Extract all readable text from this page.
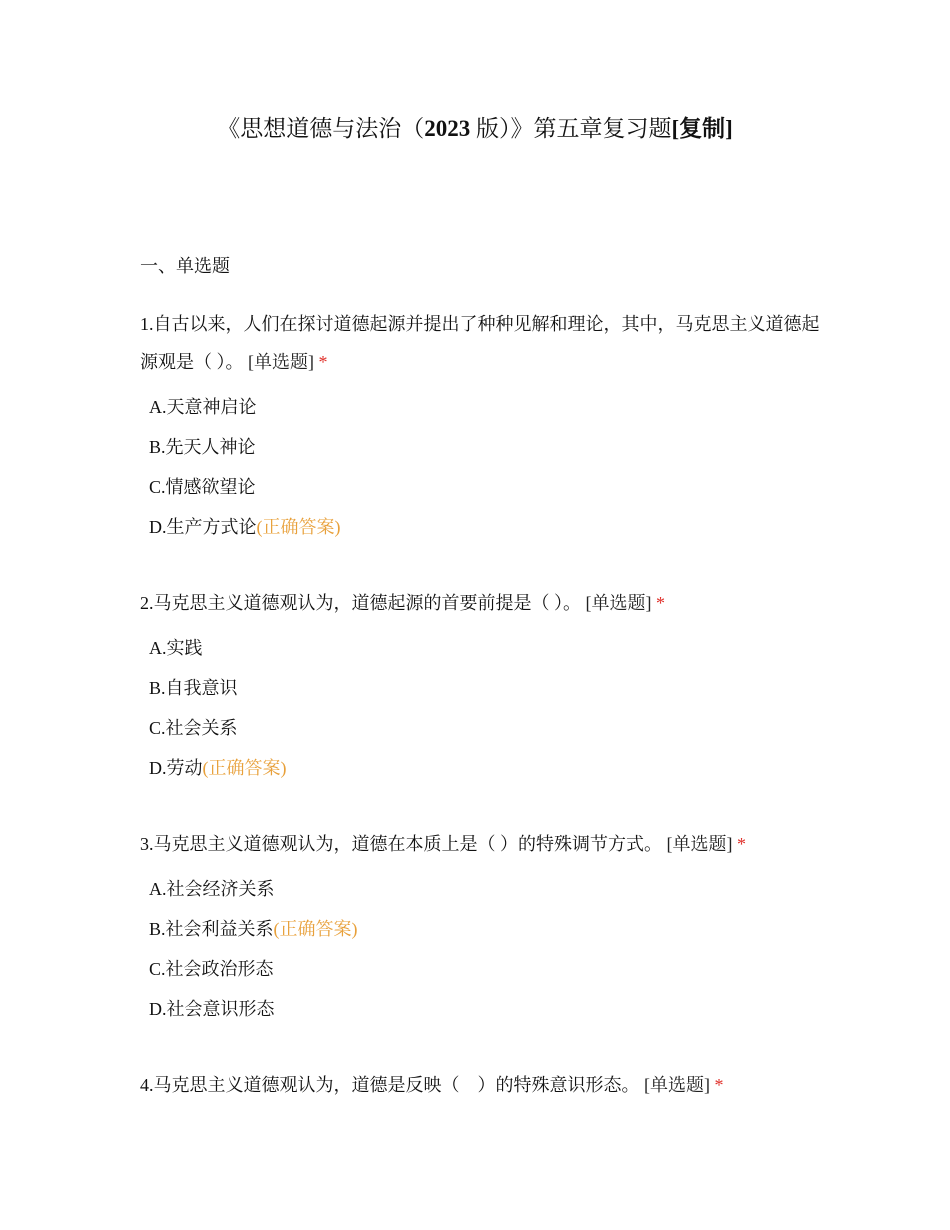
《思想道德与法治（2023 版）》第五章复习题[复制]
一、单选题
1.自古以来，人们在探讨道德起源并提出了种种见解和理论，其中，马克思主义道德起源观是（ ）。 [单选题] *
A.天意神启论
B.先天人神论
C.情感欲望论
D.生产方式论(正确答案)
2.马克思主义道德观认为，道德起源的首要前提是（ ）。 [单选题] *
A.实践
B.自我意识
C.社会关系
D.劳动(正确答案)
3.马克思主义道德观认为，道德在本质上是（ ）的特殊调节方式。 [单选题] *
A.社会经济关系
B.社会利益关系(正确答案)
C.社会政治形态
D.社会意识形态
4.马克思主义道德观认为，道德是反映（　）的特殊意识形态。 [单选题] *
